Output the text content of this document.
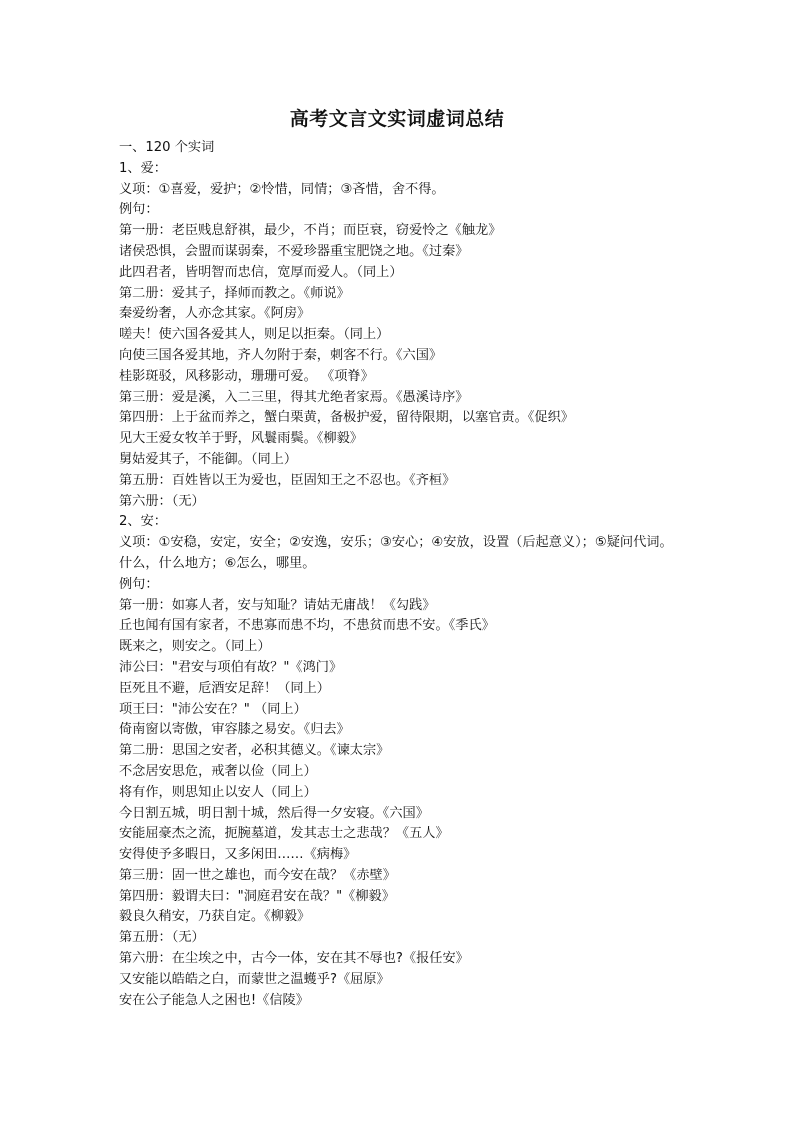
高考文言文实词虚词总结
一、120 个实词
1、爱：
义项：①喜爱，爱护；②怜惜，同情；③吝惜，舍不得。
例句：
第一册：老臣贱息舒祺，最少，不肖；而臣衰，窃爱怜之《触龙》
诸侯恐惧，会盟而谋弱秦，不爱珍器重宝肥饶之地。《过秦》
此四君者，皆明智而忠信，宽厚而爱人。（同上）
第二册：爱其子，择师而教之。《师说》
秦爱纷奢，人亦念其家。《阿房》
嗟夫！使六国各爱其人，则足以拒秦。（同上）
向使三国各爱其地，齐人勿附于秦，刺客不行。《六国》
桂影斑驳，风移影动，珊珊可爱。 《项脊》
第三册：爱是溪，入二三里，得其尤绝者家焉。《愚溪诗序》
第四册：上于盆而养之，蟹白栗黄，备极护爱，留待限期，以塞官责。《促织》
见大王爱女牧羊于野，风鬟雨鬓。《柳毅》
舅姑爱其子，不能御。（同上）
第五册：百姓皆以王为爱也，臣固知王之不忍也。《齐桓》
第六册：（无）
2、安：
义项：①安稳，安定，安全；②安逸，安乐；③安心；④安放，设置（后起意义）；⑤疑问代词。什么，什么地方；⑥怎么，哪里。
例句：
第一册：如寡人者，安与知耻？请姑无庸战！《勾践》
丘也闻有国有家者，不患寡而患不均，不患贫而患不安。《季氏》
既来之，则安之。（同上）
沛公曰："君安与项伯有故？"《鸿门》
臣死且不避，卮酒安足辞！（同上）
项王曰："沛公安在？" （同上）
倚南窗以寄傲，审容膝之易安。《归去》
第二册：思国之安者，必积其德义。《谏太宗》
不念居安思危，戒奢以俭（同上）
将有作，则思知止以安人（同上）
今日割五城，明日割十城，然后得一夕安寝。《六国》
安能屈豪杰之流，扼腕墓道，发其志士之悲哉？《五人》
安得使予多暇日，又多闲田……《病梅》
第三册：固一世之雄也，而今安在哉？《赤壁》
第四册：毅谓夫曰："洞庭君安在哉？"《柳毅》
毅良久稍安，乃获自定。《柳毅》
第五册：（无）
第六册：在尘埃之中，古今一体，安在其不辱也?《报任安》
又安能以皓皓之白，而蒙世之温蠖乎?《屈原》
安在公子能急人之困也!《信陵》
